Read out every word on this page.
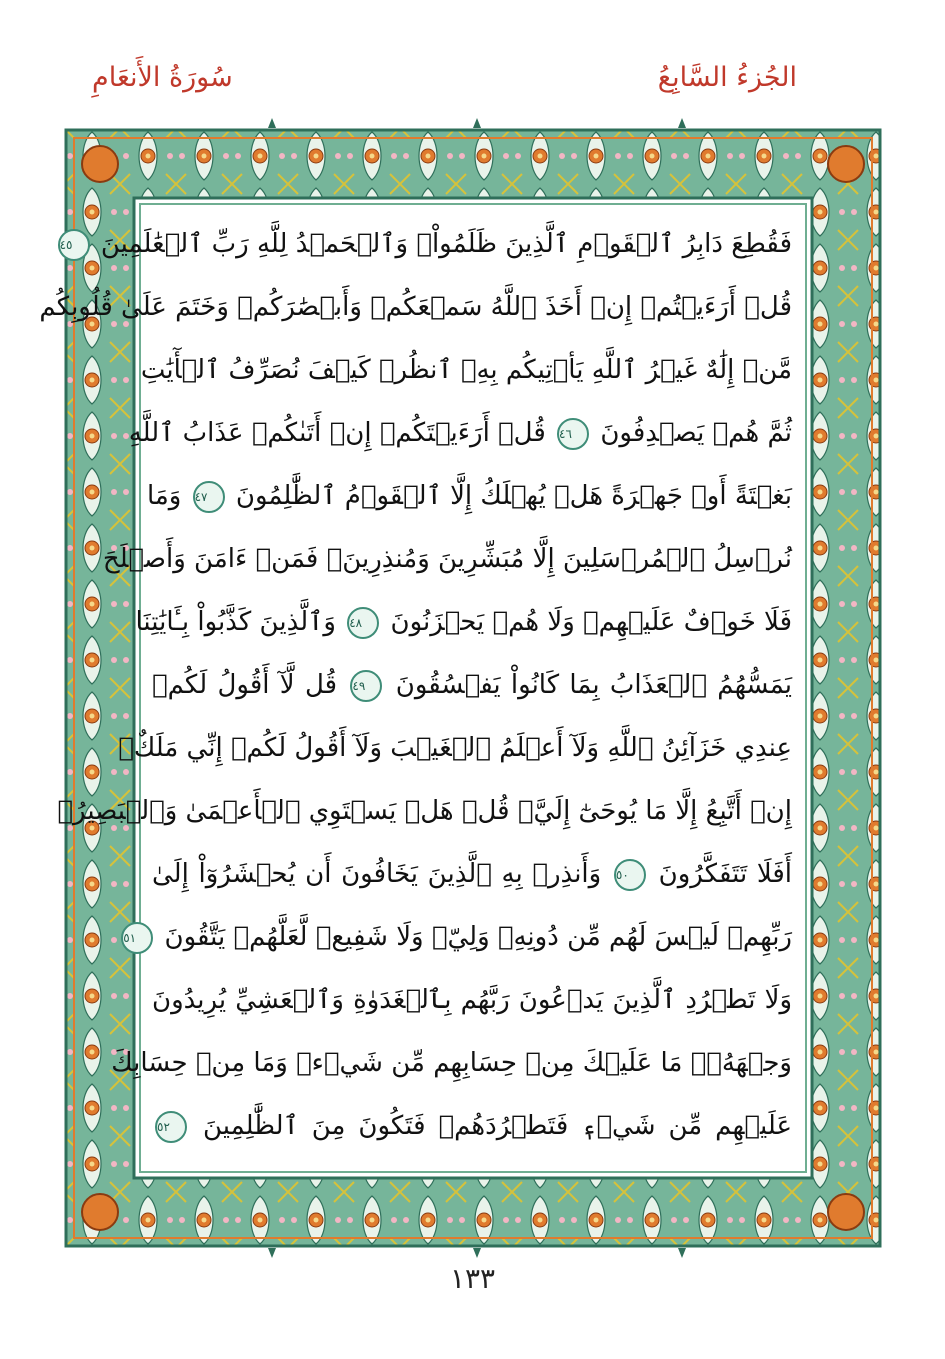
الجُزءُ السَّابِعُ
سُورَةُ الأَنعَامِ
فَقُطِعَ دَابِرُ ٱلۡقَوۡمِ ٱلَّذِينَ ظَلَمُواْۚ وَٱلۡحَمۡدُ لِلَّهِ رَبِّ ٱلۡعَٰلَمِينَ ٤٥
قُلۡ أَرَءَيۡتُمۡ إِنۡ أَخَذَ ٱللَّهُ سَمۡعَكُمۡ وَأَبۡصَٰرَكُمۡ وَخَتَمَ عَلَىٰ قُلُوبِكُم
مَّنۡ إِلَٰهٌ غَيۡرُ ٱللَّهِ يَأۡتِيكُم بِهِۗ ٱنظُرۡ كَيۡفَ نُصَرِّفُ ٱلۡأٓيَٰتِ
ثُمَّ هُمۡ يَصۡدِفُونَ ٤٦ قُلۡ أَرَءَيۡتَكُمۡ إِنۡ أَتَىٰكُمۡ عَذَابُ ٱللَّهِ
بَغۡتَةً أَوۡ جَهۡرَةً هَلۡ يُهۡلَكُ إِلَّا ٱلۡقَوۡمُ ٱلظَّٰلِمُونَ ٤٧ وَمَا
نُرۡسِلُ ٱلۡمُرۡسَلِينَ إِلَّا مُبَشِّرِينَ وَمُنذِرِينَۖ فَمَنۡ ءَامَنَ وَأَصۡلَحَ
فَلَا خَوۡفٌ عَلَيۡهِمۡ وَلَا هُمۡ يَحۡزَنُونَ ٤٨ وَٱلَّذِينَ كَذَّبُواْ بِـَٔايَٰتِنَا
يَمَسُّهُمُ ٱلۡعَذَابُ بِمَا كَانُواْ يَفۡسُقُونَ ٤٩ قُل لَّآ أَقُولُ لَكُمۡ
عِندِي خَزَآئِنُ ٱللَّهِ وَلَآ أَعۡلَمُ ٱلۡغَيۡبَ وَلَآ أَقُولُ لَكُمۡ إِنِّي مَلَكٌۖ
إِنۡ أَتَّبِعُ إِلَّا مَا يُوحَىٰٓ إِلَيَّۚ قُلۡ هَلۡ يَسۡتَوِي ٱلۡأَعۡمَىٰ وَٱلۡبَصِيرُۚ
أَفَلَا تَتَفَكَّرُونَ ٥٠ وَأَنذِرۡ بِهِ ٱلَّذِينَ يَخَافُونَ أَن يُحۡشَرُوٓاْ إِلَىٰ
رَبِّهِمۡ لَيۡسَ لَهُم مِّن دُونِهِۦ وَلِيّٞ وَلَا شَفِيعٞ لَّعَلَّهُمۡ يَتَّقُونَ ٥١
وَلَا تَطۡرُدِ ٱلَّذِينَ يَدۡعُونَ رَبَّهُم بِٱلۡغَدَوٰةِ وَٱلۡعَشِيِّ يُرِيدُونَ
وَجۡهَهُۥۖ مَا عَلَيۡكَ مِنۡ حِسَابِهِم مِّن شَيۡءٖ وَمَا مِنۡ حِسَابِكَ
عَلَيۡهِم مِّن شَيۡءٖ فَتَطۡرُدَهُمۡ فَتَكُونَ مِنَ ٱلظَّٰلِمِينَ ٥٢
١٣٣
